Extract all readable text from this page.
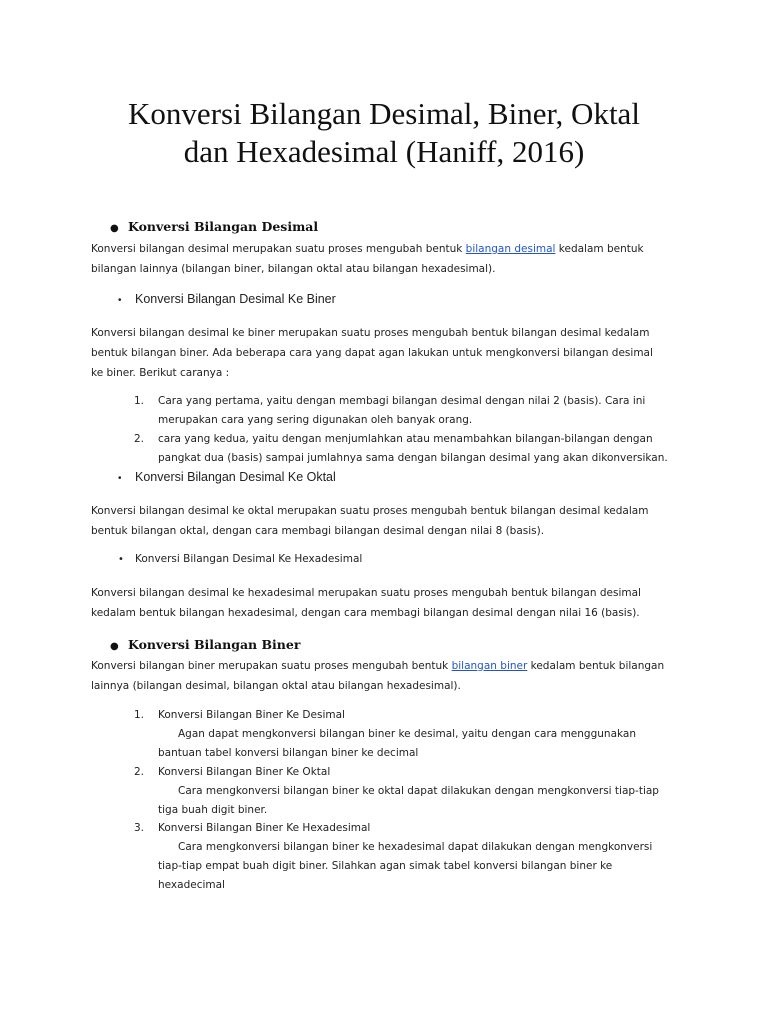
Konversi Bilangan Desimal, Biner, Oktal
dan Hexadesimal (Haniff, 2016)
● Konversi Bilangan Desimal
Konversi bilangan desimal merupakan suatu proses mengubah bentuk bilangan desimal kedalam bentuk
bilangan lainnya (bilangan biner, bilangan oktal atau bilangan hexadesimal).
• Konversi Bilangan Desimal Ke Biner
Konversi bilangan desimal ke biner merupakan suatu proses mengubah bentuk bilangan desimal kedalam
bentuk bilangan biner. Ada beberapa cara yang dapat agan lakukan untuk mengkonversi bilangan desimal
ke biner. Berikut caranya :
1.	Cara yang pertama, yaitu dengan membagi bilangan desimal dengan nilai 2 (basis). Cara ini
merupakan cara yang sering digunakan oleh banyak orang.
2.	cara yang kedua, yaitu dengan menjumlahkan atau menambahkan bilangan-bilangan dengan
pangkat dua (basis) sampai jumlahnya sama dengan bilangan desimal yang akan dikonversikan.
• Konversi Bilangan Desimal Ke Oktal
Konversi bilangan desimal ke oktal merupakan suatu proses mengubah bentuk bilangan desimal kedalam
bentuk bilangan oktal, dengan cara membagi bilangan desimal dengan nilai 8 (basis).
• Konversi Bilangan Desimal Ke Hexadesimal
Konversi bilangan desimal ke hexadesimal merupakan suatu proses mengubah bentuk bilangan desimal
kedalam bentuk bilangan hexadesimal, dengan cara membagi bilangan desimal dengan nilai 16 (basis).
● Konversi Bilangan Biner
Konversi bilangan biner merupakan suatu proses mengubah bentuk bilangan biner kedalam bentuk bilangan
lainnya (bilangan desimal, bilangan oktal atau bilangan hexadesimal).
1.	Konversi Bilangan Biner Ke Desimal
Agan dapat mengkonversi bilangan biner ke desimal, yaitu dengan cara menggunakan
bantuan tabel konversi bilangan biner ke decimal
2.	Konversi Bilangan Biner Ke Oktal
Cara mengkonversi bilangan biner ke oktal dapat dilakukan dengan mengkonversi tiap-tiap
tiga buah digit biner.
3.	Konversi Bilangan Biner Ke Hexadesimal
Cara mengkonversi bilangan biner ke hexadesimal dapat dilakukan dengan mengkonversi
tiap-tiap empat buah digit biner. Silahkan agan simak tabel konversi bilangan biner ke
hexadecimal
